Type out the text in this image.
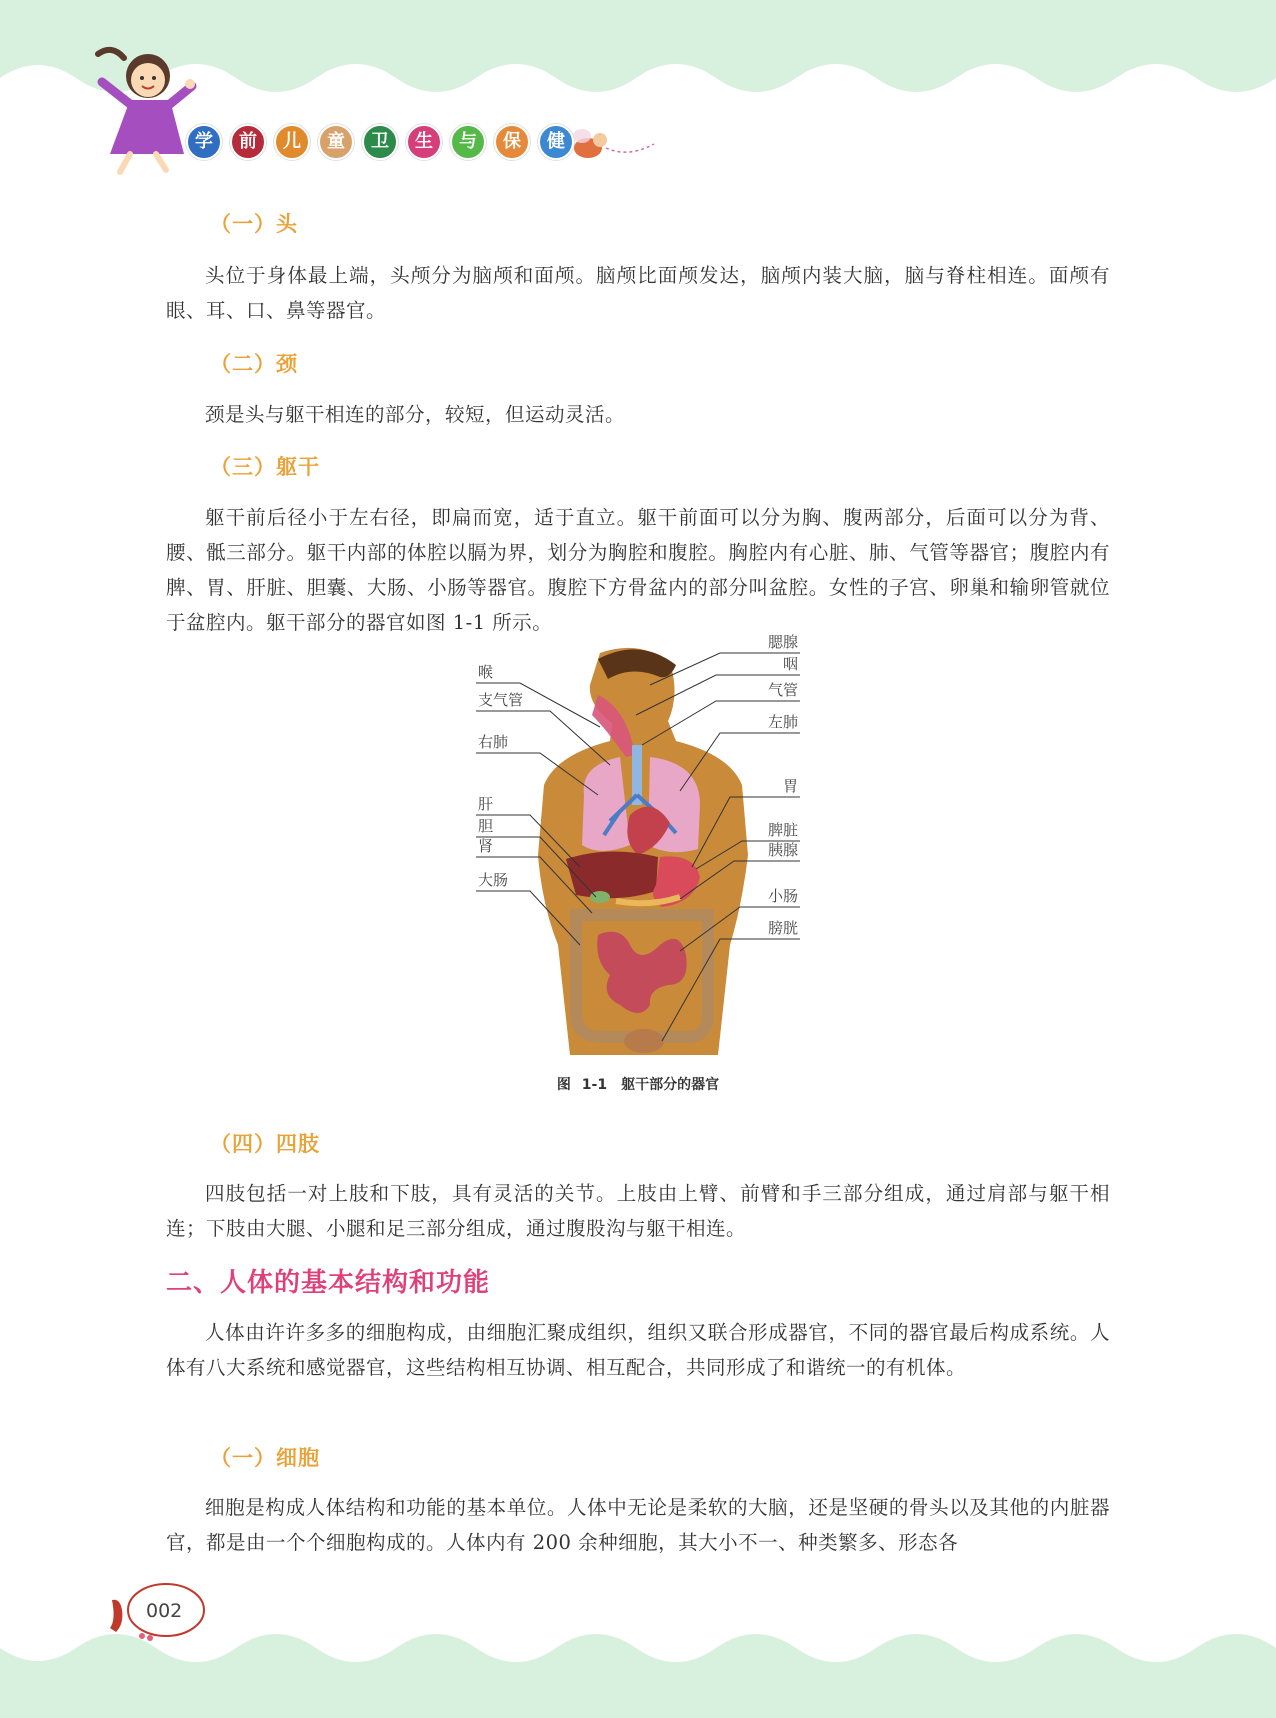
学	前	儿	童	卫	生	与	保	健
（一）头

头位于身体最上端，头颅分为脑颅和面颅。脑颅比面颅发达，脑颅内装大脑，脑与脊柱相连。面颅有眼、耳、口、鼻等器官。

（二）颈

颈是头与躯干相连的部分，较短，但运动灵活。

（三）躯干

躯干前后径小于左右径，即扁而宽，适于直立。躯干前面可以分为胸、腹两部分，后面可以分为背、腰、骶三部分。躯干内部的体腔以膈为界，划分为胸腔和腹腔。胸腔内有心脏、肺、气管等器官；腹腔内有脾、胃、肝脏、胆囊、大肠、小肠等器官。腹腔下方骨盆内的部分叫盆腔。女性的子宫、卵巢和输卵管就位于盆腔内。躯干部分的器官如图 1-1 所示。

喉
支气管
右肺
肝
胆
肾
大肠
腮腺
咽
气管
左肺
胃
脾脏
胰腺
小肠
膀胱
图 1-1　躯干部分的器官
（四）四肢

四肢包括一对上肢和下肢，具有灵活的关节。上肢由上臂、前臂和手三部分组成，通过肩部与躯干相连；下肢由大腿、小腿和足三部分组成，通过腹股沟与躯干相连。

二、人体的基本结构和功能

人体由许许多多的细胞构成，由细胞汇聚成组织，组织又联合形成器官，不同的器官最后构成系统。人体有八大系统和感觉器官，这些结构相互协调、相互配合，共同形成了和谐统一的有机体。

（一）细胞

细胞是构成人体结构和功能的基本单位。人体中无论是柔软的大脑，还是坚硬的骨头以及其他的内脏器官，都是由一个个细胞构成的。人体内有 200 余种细胞，其大小不一、种类繁多、形态各

002
